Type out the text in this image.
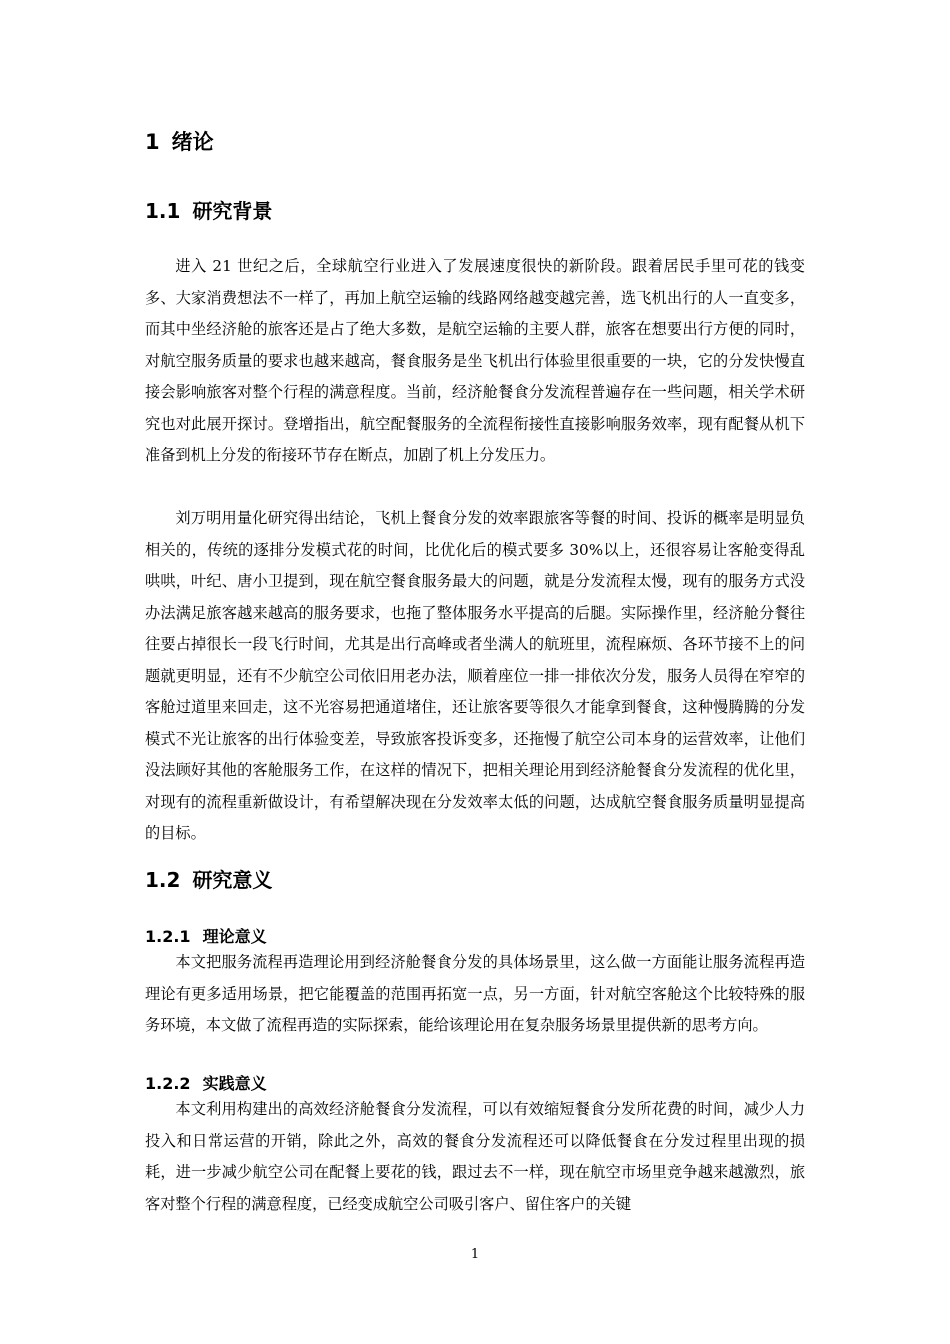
1 绪论
1.1 研究背景

进入 21 世纪之后，全球航空行业进入了发展速度很快的新阶段。跟着居民手里可花的钱变多、大家消费想法不一样了，再加上航空运输的线路网络越变越完善，选飞机出行的人一直变多，而其中坐经济舱的旅客还是占了绝大多数，是航空运输的主要人群，旅客在想要出行方便的同时，对航空服务质量的要求也越来越高，餐食服务是坐飞机出行体验里很重要的一块，它的分发快慢直接会影响旅客对整个行程的满意程度。当前，经济舱餐食分发流程普遍存在一些问题，相关学术研究也对此展开探讨。登增指出，航空配餐服务的全流程衔接性直接影响服务效率，现有配餐从机下准备到机上分发的衔接环节存在断点，加剧了机上分发压力。

刘万明用量化研究得出结论，飞机上餐食分发的效率跟旅客等餐的时间、投诉的概率是明显负相关的，传统的逐排分发模式花的时间，比优化后的模式要多 30%以上，还很容易让客舱变得乱哄哄，叶纪、唐小卫提到，现在航空餐食服务最大的问题，就是分发流程太慢，现有的服务方式没办法满足旅客越来越高的服务要求，也拖了整体服务水平提高的后腿。实际操作里，经济舱分餐往往要占掉很长一段飞行时间，尤其是出行高峰或者坐满人的航班里，流程麻烦、各环节接不上的问题就更明显，还有不少航空公司依旧用老办法，顺着座位一排一排依次分发，服务人员得在窄窄的客舱过道里来回走，这不光容易把通道堵住，还让旅客要等很久才能拿到餐食，这种慢腾腾的分发模式不光让旅客的出行体验变差，导致旅客投诉变多，还拖慢了航空公司本身的运营效率，让他们没法顾好其他的客舱服务工作，在这样的情况下，把相关理论用到经济舱餐食分发流程的优化里，对现有的流程重新做设计，有希望解决现在分发效率太低的问题，达成航空餐食服务质量明显提高的目标。

1.2 研究意义
1.2.1 理论意义

本文把服务流程再造理论用到经济舱餐食分发的具体场景里，这么做一方面能让服务流程再造理论有更多适用场景，把它能覆盖的范围再拓宽一点，另一方面，针对航空客舱这个比较特殊的服务环境，本文做了流程再造的实际探索，能给该理论用在复杂服务场景里提供新的思考方向。

1.2.2 实践意义

本文利用构建出的高效经济舱餐食分发流程，可以有效缩短餐食分发所花费的时间，减少人力投入和日常运营的开销，除此之外，高效的餐食分发流程还可以降低餐食在分发过程里出现的损耗，进一步减少航空公司在配餐上要花的钱，跟过去不一样，现在航空市场里竞争越来越激烈，旅客对整个行程的满意程度，已经变成航空公司吸引客户、留住客户的关键

1
